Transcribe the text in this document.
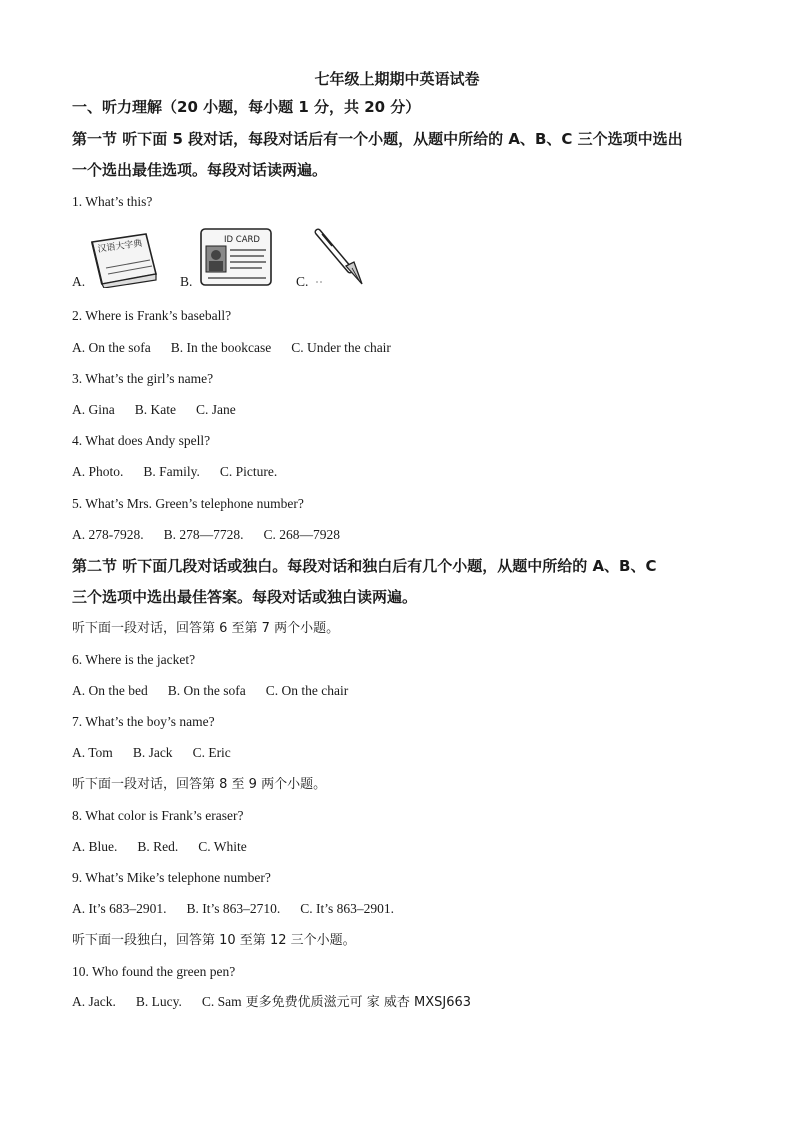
七年级上期期中英语试卷
一、听力理解（20 小题，每小题 1 分，共 20 分）
第一节 听下面 5 段对话，每段对话后有一个小题，从题中所给的 A、B、C 三个选项中选出
一个选出最佳选项。每段对话读两遍。
1. What’s this?
A.
汉语大字典
B.
ID CARD
C.
2. Where is Frank’s baseball?
A. On the sofa B. In the bookcase C. Under the chair
3. What’s the girl’s name?
A. Gina B. Kate C. Jane
4. What does Andy spell?
A. Photo. B. Family. C. Picture.
5. What’s Mrs. Green’s telephone number?
A. 278-7928. B. 278—7728. C. 268—7928
第二节 听下面几段对话或独白。每段对话和独白后有几个小题，从题中所给的 A、B、C
三个选项中选出最佳答案。每段对话或独白读两遍。
听下面一段对话，回答第 6 至第 7 两个小题。
6. Where is the jacket?
A. On the bed B. On the sofa C. On the chair
7. What’s the boy’s name?
A. Tom B. Jack C. Eric
听下面一段对话，回答第 8 至 9 两个小题。
8. What color is Frank’s eraser?
A. Blue. B. Red. C. White
9. What’s Mike’s telephone number?
A. It’s 683–2901. B. It’s 863–2710. C. It’s 863–2901.
听下面一段独白，回答第 10 至第 12 三个小题。
10. Who found the green pen?
A. Jack. B. Lucy. C. Sam 更多免费优质滋元可 家 威杏 MXSJ663
